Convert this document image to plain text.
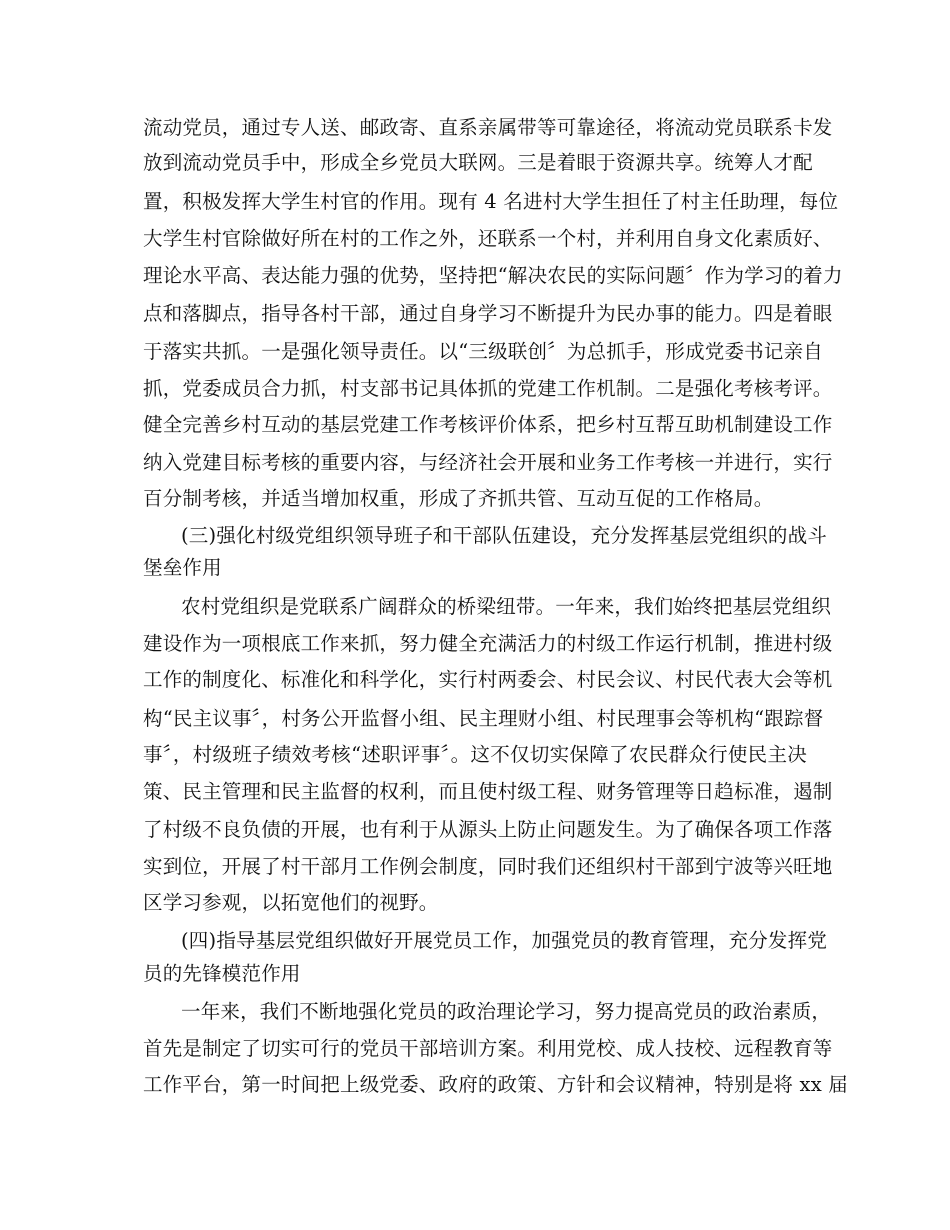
流动党员，通过专人送、邮政寄、直系亲属带等可靠途径，将流动党员联系卡发
放到流动党员手中，形成全乡党员大联网。三是着眼于资源共享。统筹人才配
置，积极发挥大学生村官的作用。现有 4 名进村大学生担任了村主任助理，每位
大学生村官除做好所在村的工作之外，还联系一个村，并利用自身文化素质好、
理论水平高、表达能力强的优势，坚持把“解决农民的实际问题〞作为学习的着力
点和落脚点，指导各村干部，通过自身学习不断提升为民办事的能力。四是着眼
于落实共抓。一是强化领导责任。以“三级联创〞为总抓手，形成党委书记亲自
抓，党委成员合力抓，村支部书记具体抓的党建工作机制。二是强化考核考评。
健全完善乡村互动的基层党建工作考核评价体系，把乡村互帮互助机制建设工作
纳入党建目标考核的重要内容，与经济社会开展和业务工作考核一并进行，实行
百分制考核，并适当增加权重，形成了齐抓共管、互动互促的工作格局。
(三)强化村级党组织领导班子和干部队伍建设，充分发挥基层党组织的战斗
堡垒作用
农村党组织是党联系广阔群众的桥梁纽带。一年来，我们始终把基层党组织
建设作为一项根底工作来抓，努力健全充满活力的村级工作运行机制，推进村级
工作的制度化、标准化和科学化，实行村两委会、村民会议、村民代表大会等机
构“民主议事〞，村务公开监督小组、民主理财小组、村民理事会等机构“跟踪督
事〞，村级班子绩效考核“述职评事〞。这不仅切实保障了农民群众行使民主决
策、民主管理和民主监督的权利，而且使村级工程、财务管理等日趋标准，遏制
了村级不良负债的开展，也有利于从源头上防止问题发生。为了确保各项工作落
实到位，开展了村干部月工作例会制度，同时我们还组织村干部到宁波等兴旺地
区学习参观，以拓宽他们的视野。
(四)指导基层党组织做好开展党员工作，加强党员的教育管理，充分发挥党
员的先锋模范作用
一年来，我们不断地强化党员的政治理论学习，努力提高党员的政治素质，
首先是制定了切实可行的党员干部培训方案。利用党校、成人技校、远程教育等
工作平台，第一时间把上级党委、政府的政策、方针和会议精神，特别是将 xx 届
